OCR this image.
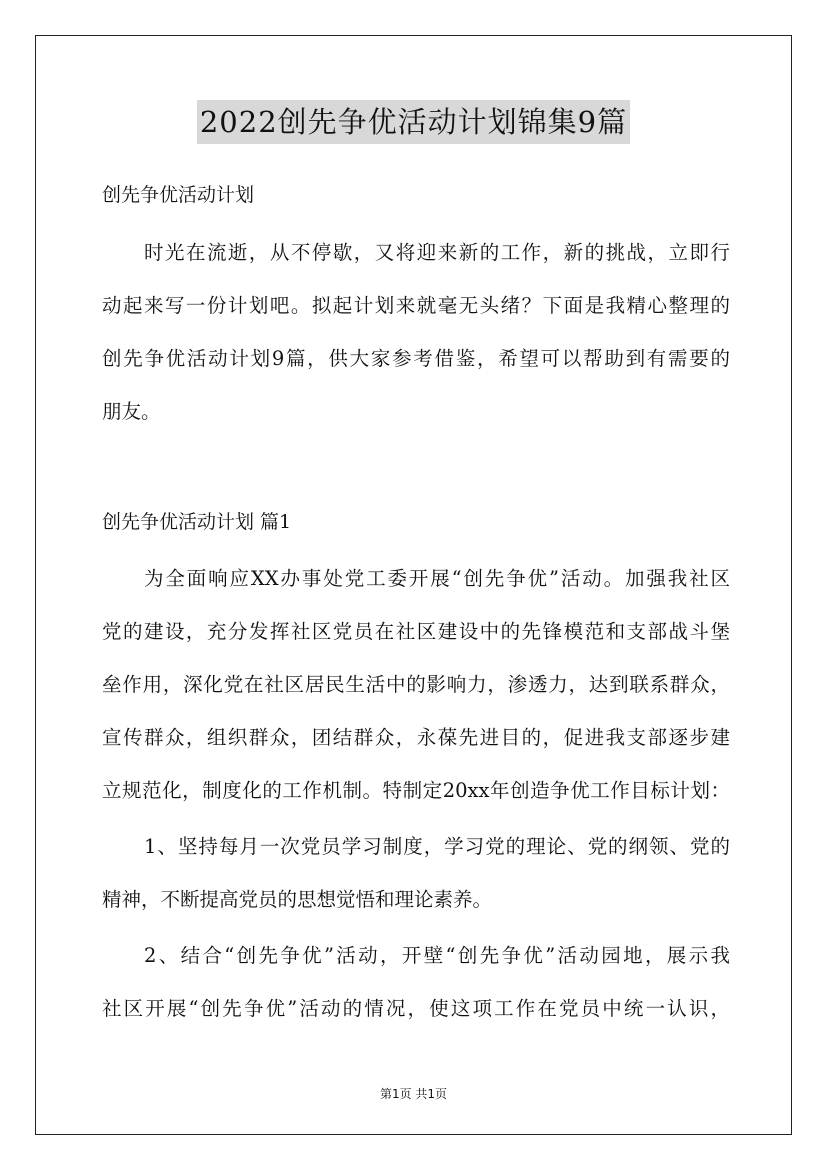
2022创先争优活动计划锦集9篇
创先争优活动计划
时光在流逝，从不停歇，又将迎来新的工作，新的挑战，立即行
动起来写一份计划吧。拟起计划来就毫无头绪？下面是我精心整理的
创先争优活动计划9篇，供大家参考借鉴，希望可以帮助到有需要的
朋友。
创先争优活动计划 篇1
为全面响应XX办事处党工委开展“创先争优”活动。加强我社区
党的建设，充分发挥社区党员在社区建设中的先锋模范和支部战斗堡
垒作用，深化党在社区居民生活中的影响力，渗透力，达到联系群众，
宣传群众，组织群众，团结群众，永葆先进目的，促进我支部逐步建
立规范化，制度化的工作机制。特制定20xx年创造争优工作目标计划：
1、坚持每月一次党员学习制度，学习党的理论、党的纲领、党的
精神，不断提高党员的思想觉悟和理论素养。
2、结合“创先争优”活动，开壁“创先争优”活动园地，展示我
社区开展“创先争优”活动的情况，使这项工作在党员中统一认识，
第1页 共1页
